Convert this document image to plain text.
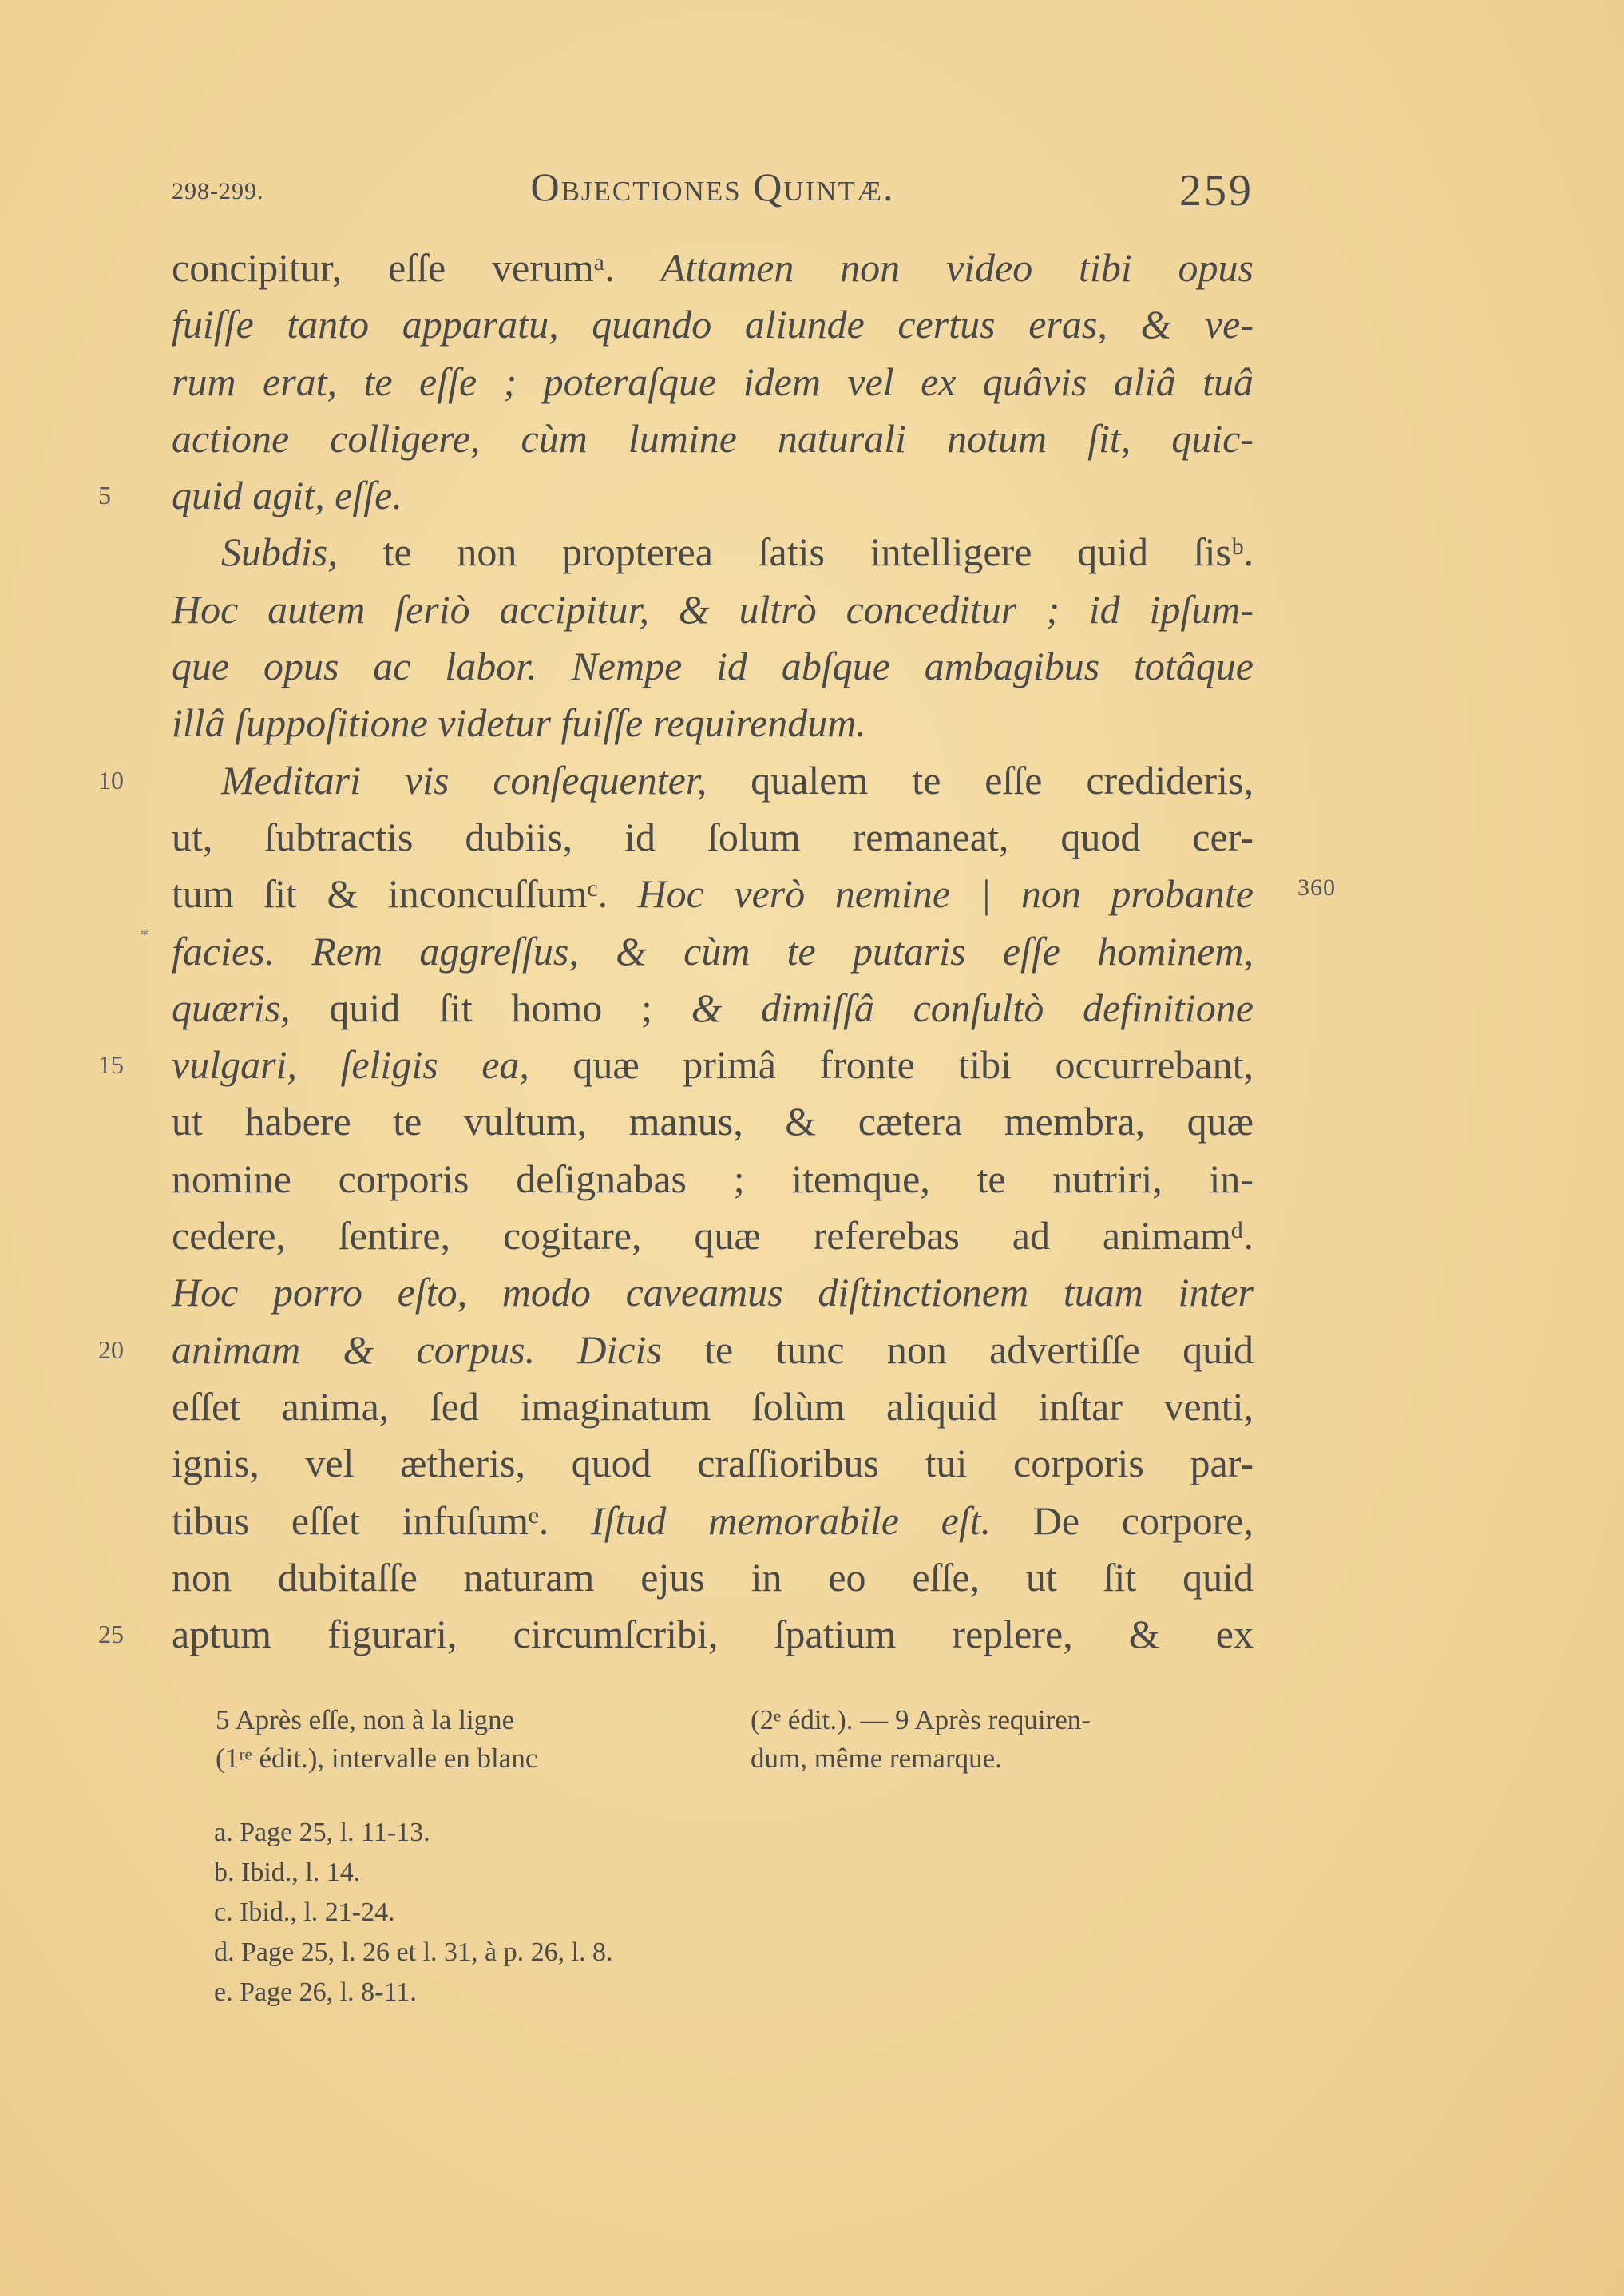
298-299.	Objectiones Quintæ.	259
concipitur, eſſe verumᵃ. Attamen non video tibi opus
fuiſſe tanto apparatu, quando aliunde certus eras, & ve-
rum erat, te eſſe ; poteraſque idem vel ex quâvis aliâ tuâ
actione colligere, cùm lumine naturali notum ſit, quic-
5	quid agit, eſſe.
Subdis, te non propterea ſatis intelligere quid ſisᵇ.
Hoc autem ſeriò accipitur, & ultrò conceditur ; id ipſum-
que opus ac labor. Nempe id abſque ambagibus totâque
illâ ſuppoſitione videtur fuiſſe requirendum.
10	Meditari vis conſequenter, qualem te eſſe credideris,
ut, ſubtractis dubiis, id ſolum remaneat, quod cer-
tum ſit & inconcuſſumᶜ. Hoc verò nemine | non probante
facies. Rem aggreſſus, & cùm te putaris eſſe hominem,
quæris, quid ſit homo ; & dimiſſâ conſultò definitione
15	vulgari, ſeligis ea, quæ primâ fronte tibi occurrebant,
ut habere te vultum, manus, & cætera membra, quæ
nomine corporis deſignabas ; itemque, te nutriri, in-
cedere, ſentire, cogitare, quæ referebas ad animamᵈ.
Hoc porro eſto, modo caveamus diſtinctionem tuam inter
20	animam & corpus. Dicis te tunc non advertiſſe quid
eſſet anima, ſed imaginatum ſolùm aliquid inſtar venti,
ignis, vel ætheris, quod craſſioribus tui corporis par-
tibus eſſet infuſumᵉ. Iſtud memorabile eſt. De corpore,
non dubitaſſe naturam ejus in eo eſſe, ut ſit quid
25	aptum figurari, circumſcribi, ſpatium replere, & ex
360
*
5 Après eſſe, non à la ligne
(1ʳᵉ édit.), intervalle en blanc
(2ᵉ édit.). — 9 Après requiren-
dum, même remarque.
a. Page 25, l. 11-13.
b. Ibid., l. 14.
c. Ibid., l. 21-24.
d. Page 25, l. 26 et l. 31, à p. 26, l. 8.
e. Page 26, l. 8-11.
